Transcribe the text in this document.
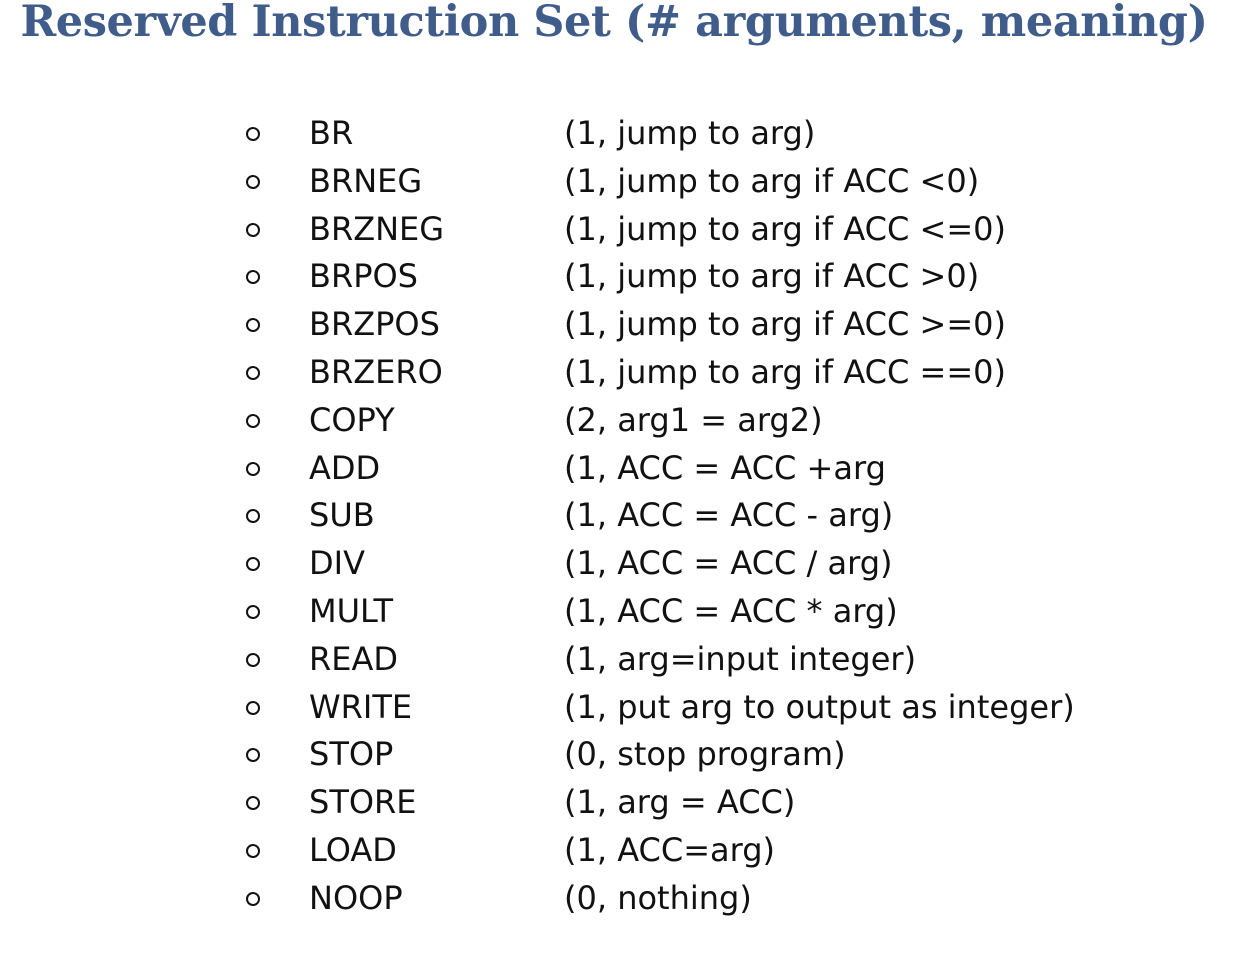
Reserved Instruction Set (# arguments, meaning)
BR	(1, jump to arg)
BRNEG	(1, jump to arg if ACC <0)
BRZNEG	(1, jump to arg if ACC <=0)
BRPOS	(1, jump to arg if ACC >0)
BRZPOS	(1, jump to arg if ACC >=0)
BRZERO	(1, jump to arg if ACC ==0)
COPY	(2, arg1 = arg2)
ADD	(1, ACC = ACC +arg
SUB	(1, ACC = ACC - arg)
DIV	(1, ACC = ACC / arg)
MULT	(1, ACC = ACC * arg)
READ	(1, arg=input integer)
WRITE	(1, put arg to output as integer)
STOP	(0, stop program)
STORE	(1, arg = ACC)
LOAD	(1, ACC=arg)
NOOP	(0, nothing)
